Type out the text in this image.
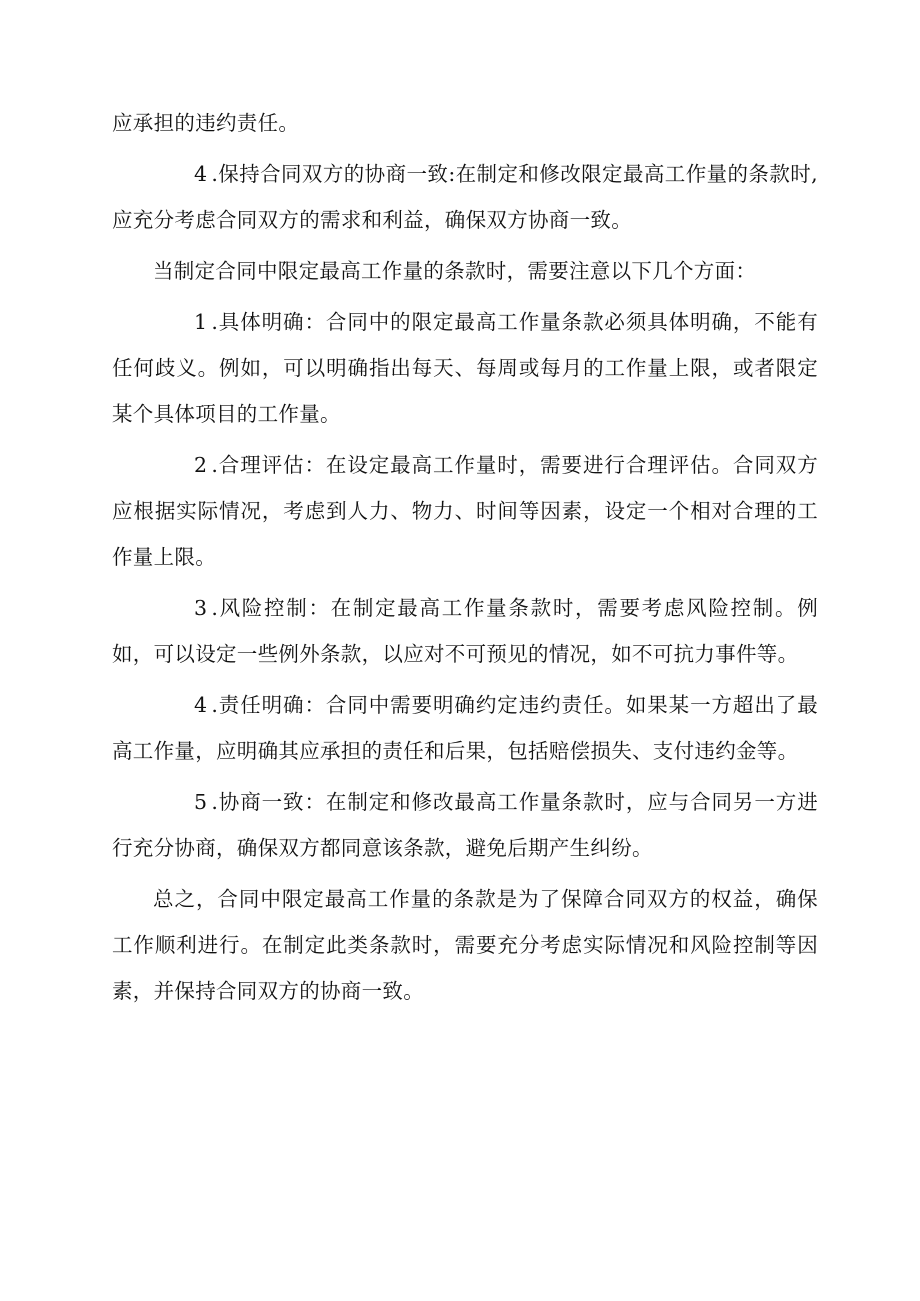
应承担的违约责任。

4 .保持合同双方的协商一致:在制定和修改限定最高工作量的条款时,应充分考虑合同双方的需求和利益，确保双方协商一致。

当制定合同中限定最高工作量的条款时，需要注意以下几个方面：

1 .具体明确：合同中的限定最高工作量条款必须具体明确，不能有任何歧义。例如，可以明确指出每天、每周或每月的工作量上限，或者限定某个具体项目的工作量。

2 .合理评估：在设定最高工作量时，需要进行合理评估。合同双方应根据实际情况，考虑到人力、物力、时间等因素，设定一个相对合理的工作量上限。

3 .风险控制：在制定最高工作量条款时，需要考虑风险控制。例如，可以设定一些例外条款，以应对不可预见的情况，如不可抗力事件等。

4 .责任明确：合同中需要明确约定违约责任。如果某一方超出了最高工作量，应明确其应承担的责任和后果，包括赔偿损失、支付违约金等。

5 .协商一致：在制定和修改最高工作量条款时，应与合同另一方进行充分协商，确保双方都同意该条款，避免后期产生纠纷。

总之，合同中限定最高工作量的条款是为了保障合同双方的权益，确保工作顺利进行。在制定此类条款时，需要充分考虑实际情况和风险控制等因素，并保持合同双方的协商一致。
